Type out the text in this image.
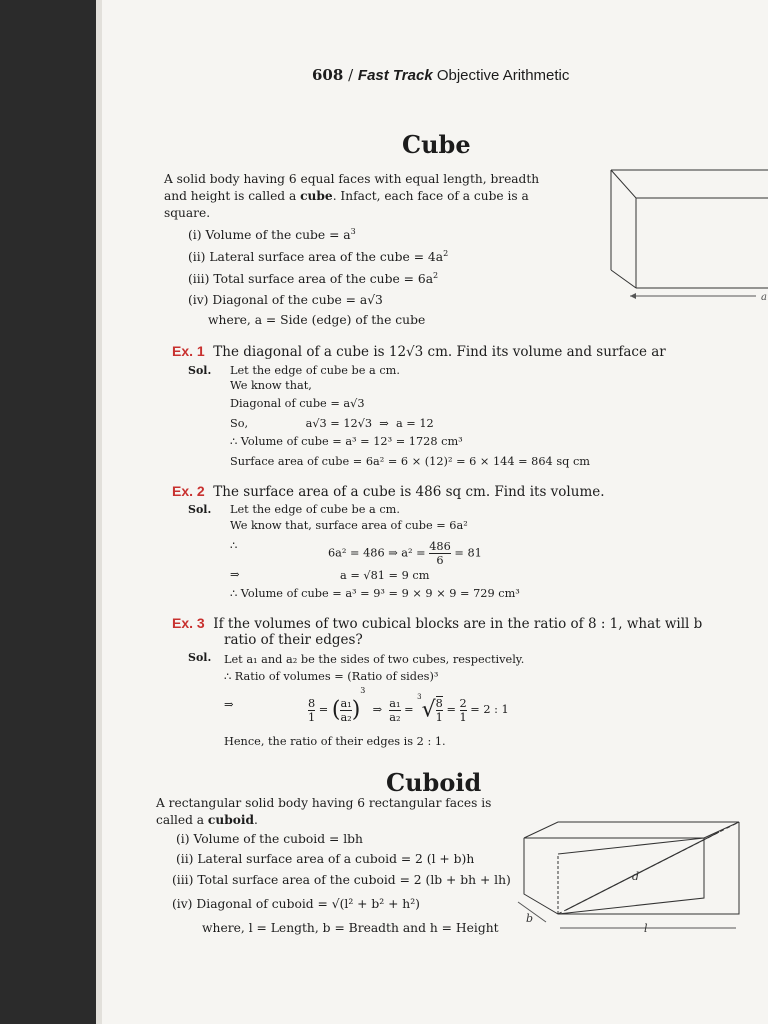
608 / Fast Track Objective Arithmetic
Cube
A solid body having 6 equal faces with equal length, breadth
and height is called a cube. Infact, each face of a cube is a
square.
(i) Volume of the cube = $a^3$
(ii) Lateral surface area of the cube = $4a^2$
(iii) Total surface area of the cube = $6a^2$
(iv) Diagonal of the cube = a√3
where, a = Side (edge) of the cube
a
Ex. 1 The diagonal of a cube is 12√3 cm. Find its volume and surface ar
Sol. Let the edge of cube be a cm.
We know that,
Diagonal of cube = a√3
So,                a√3 = 12√3  ⇒  a = 12
∴ Volume of cube = a³ = 12³ = 1728 cm³
Surface area of cube = 6a² = 6 × (12)² = 6 × 144 = 864 sq cm
Ex. 2 The surface area of a cube is 486 sq cm. Find its volume.
Sol. Let the edge of cube be a cm.
We know that, surface area of cube = 6a²
∴
6a² = 486 ⇒ $a^2 = \frac{486}{6} = 81$
⇒	a = √81 = 9 cm
∴ Volume of cube = a³ = 9³ = 9 × 9 × 9 = 729 cm³
Ex. 3 If the volumes of two cubical blocks are in the ratio of 8 : 1, what will b
ratio of their edges?
Sol. Let a₁ and a₂ be the sides of two cubes, respectively.
∴ Ratio of volumes = (Ratio of sides)³
⇒	$\frac{8}{1}$ = ( $\frac{\text{a₁}}{\text{a₂}} )^3$  ⇒ $\frac{\text{a₁}}{\text{a₂}} = ^3√ \frac{8}{1} = \frac{2}{1} = 2$ : 1
Hence, the ratio of their edges is 2 : 1.
Cuboid
A rectangular solid body having 6 rectangular faces is
called a cuboid.
(i) Volume of the cuboid = lbh
(ii) Lateral surface area of a cuboid = 2 (l + b)h
(iii) Total surface area of the cuboid = 2 (lb + bh + lh)
(iv) Diagonal of cuboid = √(l² + b² + h²)
where, l = Length, b = Breadth and h = Height
d
b
l
